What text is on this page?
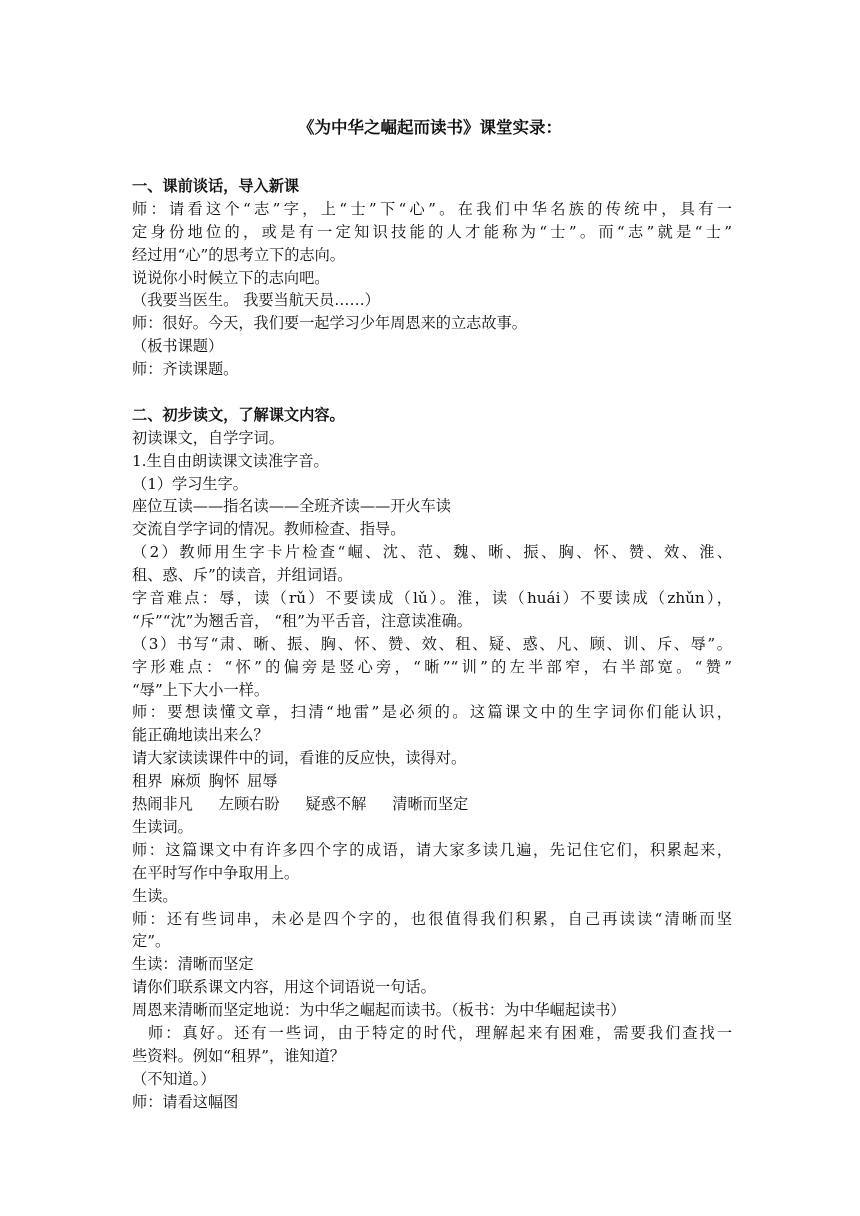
《为中华之崛起而读书》课堂实录：
一、课前谈话，导入新课
师：请看这个“志”字，上“士”下“心”。在我们中华名族的传统中，具有一
定身份地位的，或是有一定知识技能的人才能称为“士”。而“志”就是“士”
经过用“心”的思考立下的志向。
说说你小时候立下的志向吧。
（我要当医生。 我要当航天员……）
师：很好。今天，我们要一起学习少年周恩来的立志故事。
（板书课题）
师：齐读课题。
二、初步读文，了解课文内容。
初读课文，自学字词。
1.生自由朗读课文读准字音。
（1）学习生字。
座位互读——指名读——全班齐读——开火车读
交流自学字词的情况。教师检查、指导。
（2）教师用生字卡片检查“崛、沈、范、魏、晰、振、胸、怀、赞、效、淮、
租、惑、斥”的读音，并组词语。
字音难点：辱，读（rǔ）不要读成（lǔ）。淮，读（huái）不要读成（zhǔn），
“斥”“沈”为翘舌音， “租”为平舌音，注意读准确。
（3）书写“肃、晰、振、胸、怀、赞、效、租、疑、惑、凡、顾、训、斥、辱”。
字形难点：“怀”的偏旁是竖心旁，“晰”“训”的左半部窄，右半部宽。“赞”
“辱”上下大小一样。
师：要想读懂文章，扫清“地雷”是必须的。这篇课文中的生字词你们能认识，
能正确地读出来么？
请大家读读课件中的词，看谁的反应快，读得对。
租界 麻烦 胸怀 屈辱
热闹非凡 左顾右盼 疑惑不解 清晰而坚定
生读词。
师：这篇课文中有许多四个字的成语，请大家多读几遍，先记住它们，积累起来，
在平时写作中争取用上。
生读。
师：还有些词串，未必是四个字的，也很值得我们积累，自己再读读“清晰而坚
定”。
生读：清晰而坚定
请你们联系课文内容，用这个词语说一句话。
周恩来清晰而坚定地说：为中华之崛起而读书。（板书：为中华崛起读书）
师：真好。还有一些词，由于特定的时代，理解起来有困难，需要我们查找一
些资料。例如“租界”，谁知道？
（不知道。）
师：请看这幅图
